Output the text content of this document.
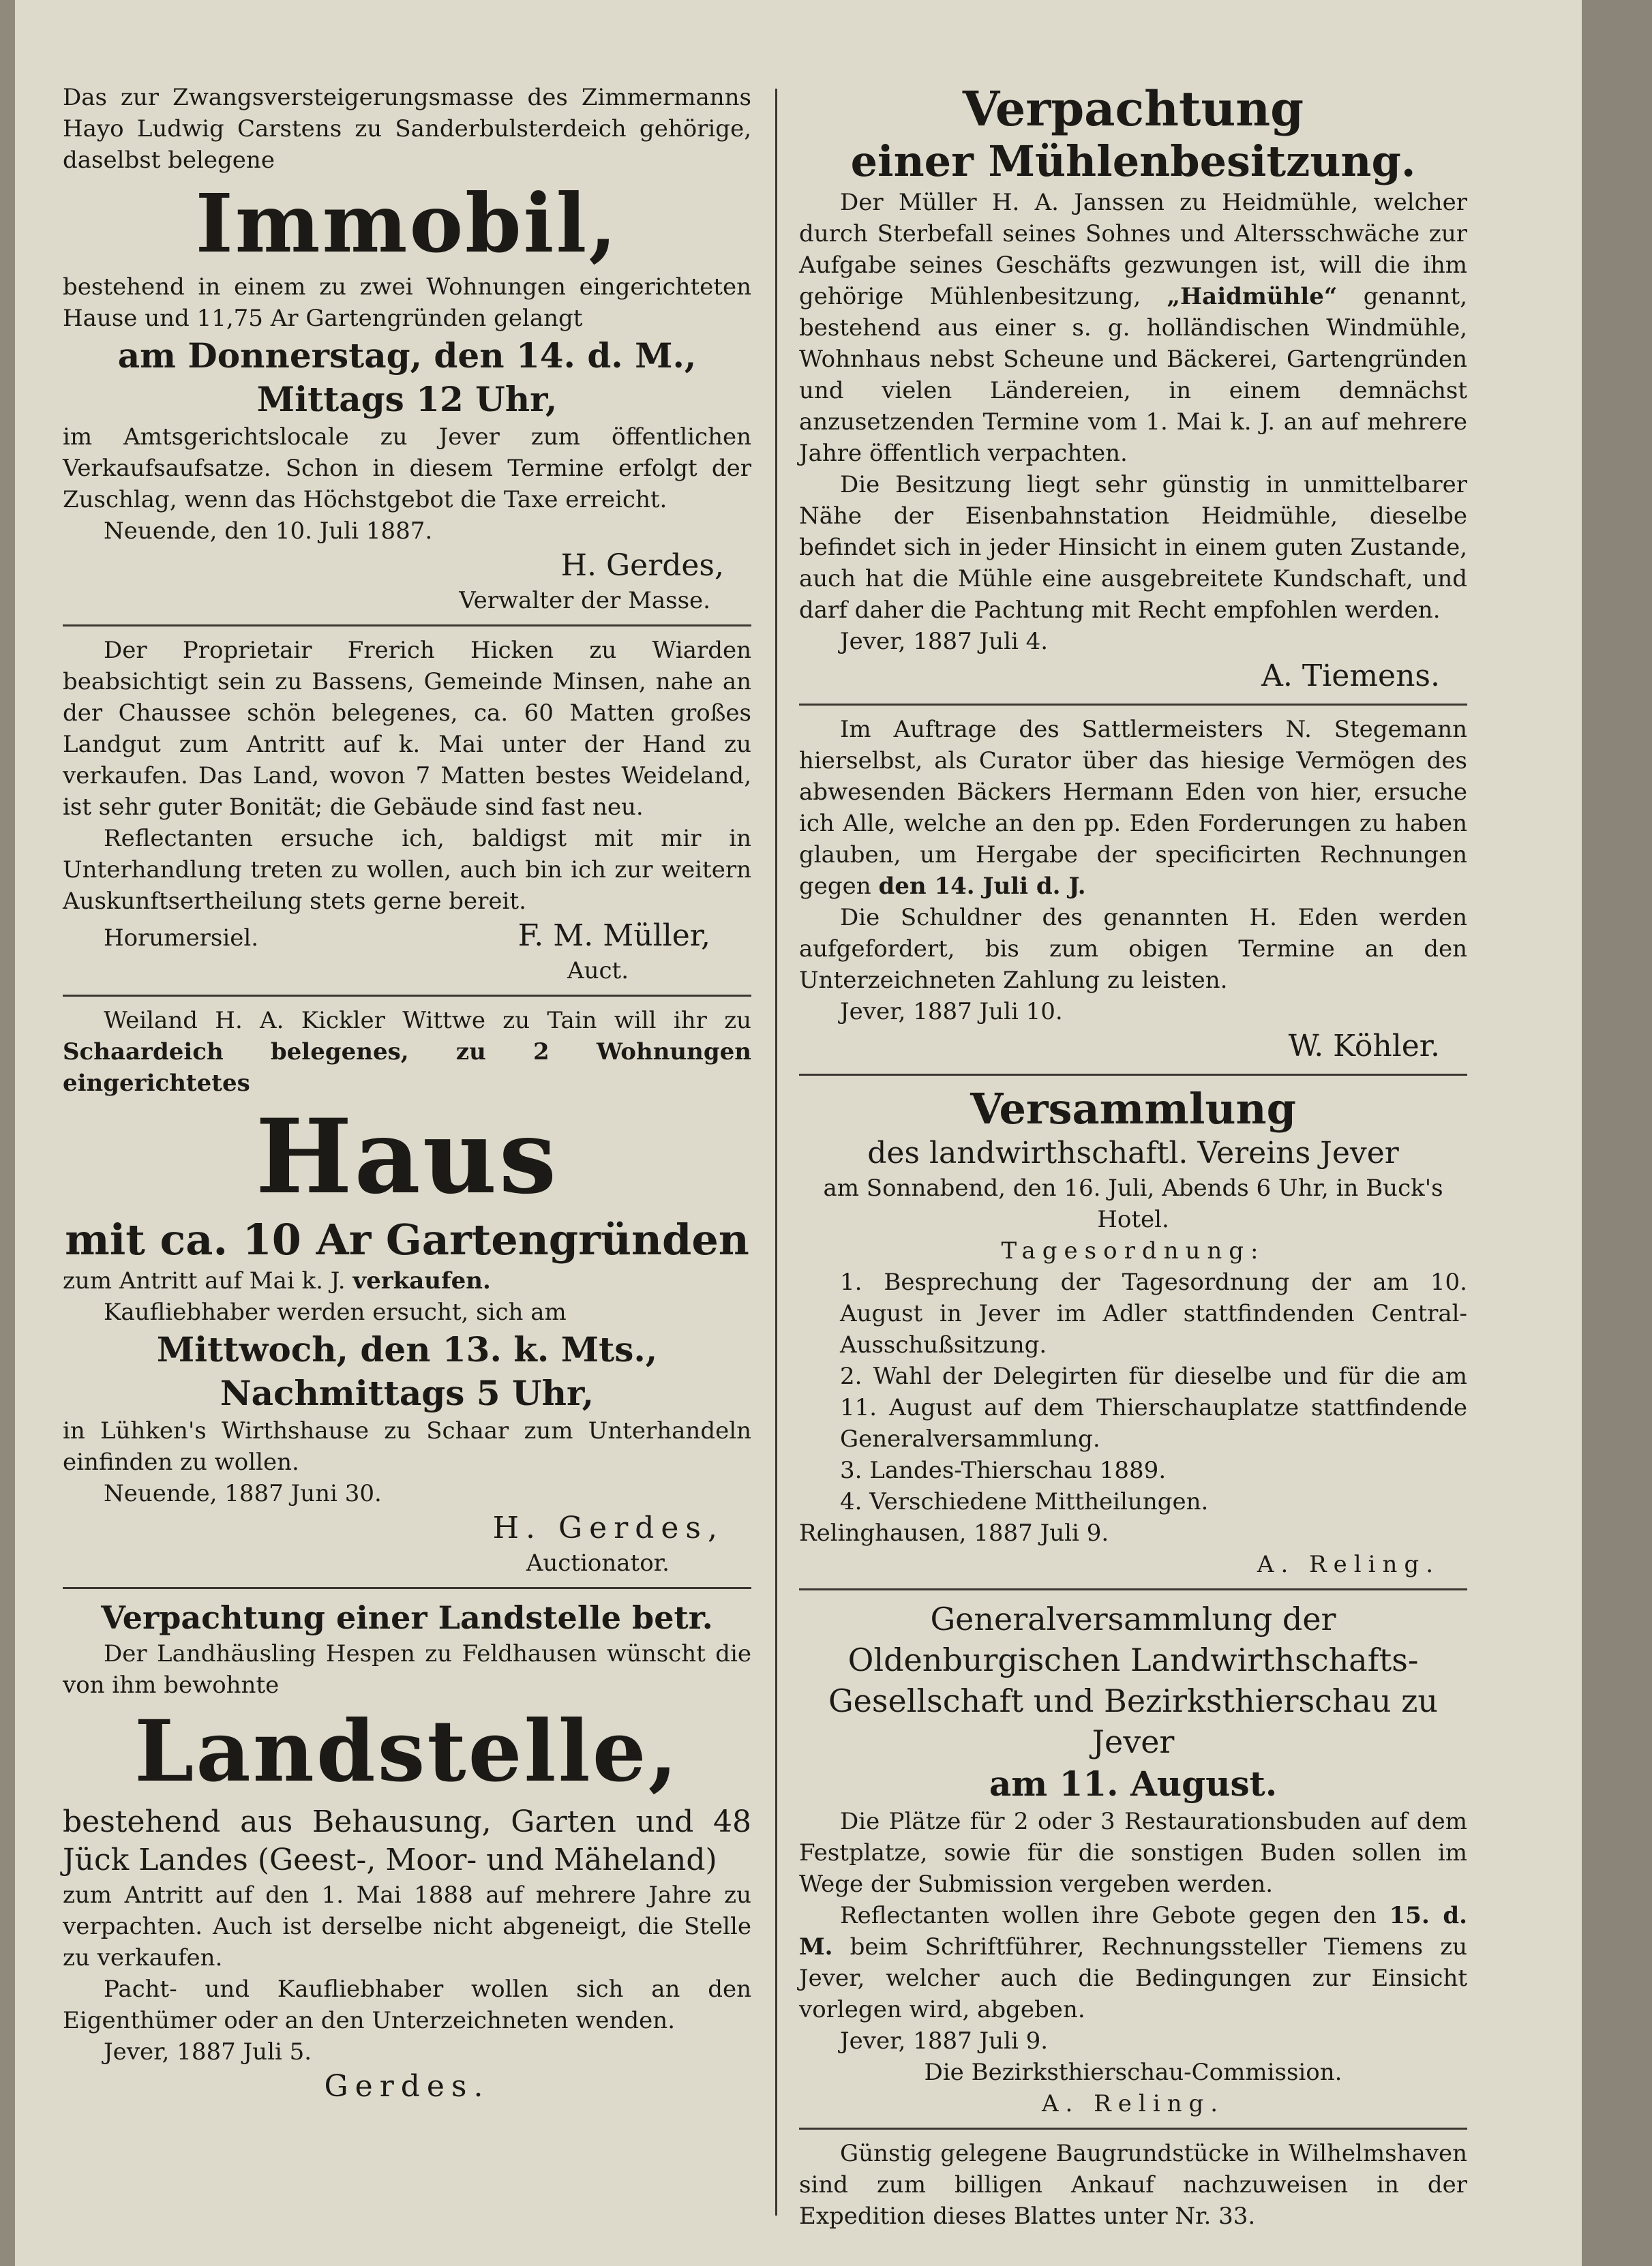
Das zur Zwangsversteigerungsmasse des Zimmermanns Hayo Ludwig Carstens zu Sanderbulsterdeich gehörige, daselbst belegene

Immobil,

bestehend in einem zu zwei Wohnungen eingerichteten Hause und 11,75 Ar Gartengründen gelangt

am Donnerstag, den 14. d. M.,

Mittags 12 Uhr,

im Amtsgerichtslocale zu Jever zum öffentlichen Verkaufsaufsatze. Schon in diesem Termine erfolgt der Zuschlag, wenn das Höchstgebot die Taxe erreicht.

Neuende, den 10. Juli 1887.

H. Gerdes,

Verwalter der Masse.

Der Proprietair Frerich Hicken zu Wiarden beabsichtigt sein zu Bassens, Gemeinde Minsen, nahe an der Chaussee schön belegenes, ca. 60 Matten großes Landgut zum Antritt auf k. Mai unter der Hand zu verkaufen. Das Land, wovon 7 Matten bestes Weideland, ist sehr guter Bonität; die Gebäude sind fast neu.

Reflectanten ersuche ich, baldigst mit mir in Unterhandlung treten zu wollen, auch bin ich zur weitern Auskunftsertheilung stets gerne bereit.

Horumersiel.	F. M. Müller,

Auct.

Weiland H. A. Kickler Wittwe zu Tain will ihr zu Schaardeich belegenes, zu 2 Wohnungen eingerichtetes

Haus

mit ca. 10 Ar Gartengründen

zum Antritt auf Mai k. J. verkaufen.

Kaufliebhaber werden ersucht, sich am

Mittwoch, den 13. k. Mts.,

Nachmittags 5 Uhr,

in Lühken's Wirthshause zu Schaar zum Unterhandeln einfinden zu wollen.

Neuende, 1887 Juni 30.

H. Gerdes,

Auctionator.

Verpachtung einer Landstelle betr.

Der Landhäusling Hespen zu Feldhausen wünscht die von ihm bewohnte

Landstelle,

bestehend aus Behausung, Garten und 48 Jück Landes (Geest-, Moor- und Mäheland)

zum Antritt auf den 1. Mai 1888 auf mehrere Jahre zu verpachten. Auch ist derselbe nicht abgeneigt, die Stelle zu verkaufen.

Pacht- und Kaufliebhaber wollen sich an den Eigenthümer oder an den Unterzeichneten wenden.

Jever, 1887 Juli 5.

Gerdes.

Verpachtung

einer Mühlenbesitzung.

Der Müller H. A. Janssen zu Heidmühle, welcher durch Sterbefall seines Sohnes und Altersschwäche zur Aufgabe seines Geschäfts gezwungen ist, will die ihm gehörige Mühlenbesitzung, „Haidmühle“ genannt, bestehend aus einer s. g. holländischen Windmühle, Wohnhaus nebst Scheune und Bäckerei, Gartengründen und vielen Ländereien, in einem demnächst anzusetzenden Termine vom 1. Mai k. J. an auf mehrere Jahre öffentlich verpachten.

Die Besitzung liegt sehr günstig in unmittelbarer Nähe der Eisenbahnstation Heidmühle, dieselbe befindet sich in jeder Hinsicht in einem guten Zustande, auch hat die Mühle eine ausgebreitete Kundschaft, und darf daher die Pachtung mit Recht empfohlen werden.

Jever, 1887 Juli 4.

A. Tiemens.

Im Auftrage des Sattlermeisters N. Stegemann hierselbst, als Curator über das hiesige Vermögen des abwesenden Bäckers Hermann Eden von hier, ersuche ich Alle, welche an den pp. Eden Forderungen zu haben glauben, um Hergabe der specificirten Rechnungen gegen den 14. Juli d. J.

Die Schuldner des genannten H. Eden werden aufgefordert, bis zum obigen Termine an den Unterzeichneten Zahlung zu leisten.

Jever, 1887 Juli 10.

W. Köhler.

Versammlung

des landwirthschaftl. Vereins Jever

am Sonnabend, den 16. Juli, Abends 6 Uhr, in Buck's Hotel.

Tagesordnung:

1. Besprechung der Tagesordnung der am 10. August in Jever im Adler stattfindenden Central-Ausschußsitzung.

2. Wahl der Delegirten für dieselbe und für die am 11. August auf dem Thierschauplatze stattfindende Generalversammlung.

3. Landes-Thierschau 1889.

4. Verschiedene Mittheilungen.

Relinghausen, 1887 Juli 9.

A. Reling.

Generalversammlung der Oldenburgischen Landwirthschafts-Gesellschaft und Bezirksthierschau zu Jever

am 11. August.

Die Plätze für 2 oder 3 Restaurationsbuden auf dem Festplatze, sowie für die sonstigen Buden sollen im Wege der Submission vergeben werden.

Reflectanten wollen ihre Gebote gegen den 15. d. M. beim Schriftführer, Rechnungssteller Tiemens zu Jever, welcher auch die Bedingungen zur Einsicht vorlegen wird, abgeben.

Jever, 1887 Juli 9.

Die Bezirksthierschau-Commission.

A. Reling.

Günstig gelegene Baugrundstücke in Wilhelmshaven sind zum billigen Ankauf nachzuweisen in der Expedition dieses Blattes unter Nr. 33.
